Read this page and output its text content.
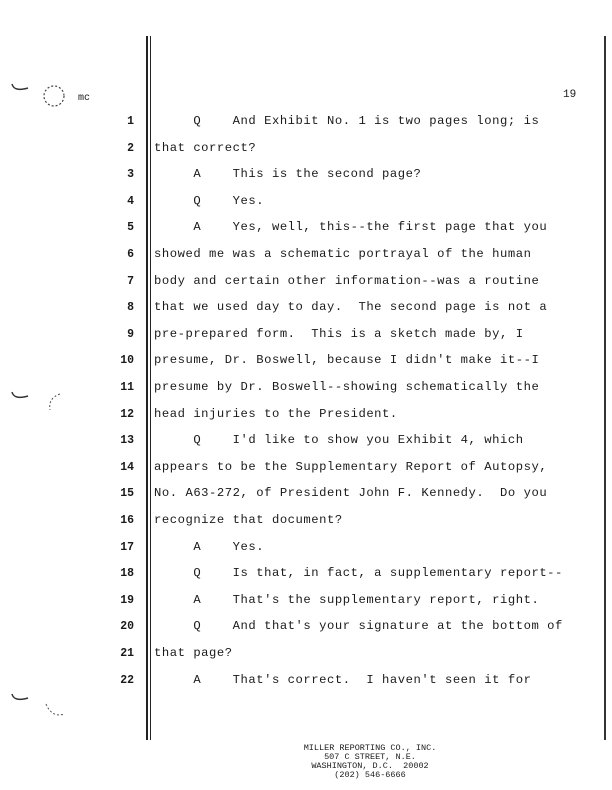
mc	19
1 Q    And Exhibit No. 1 is two pages long; is
2 that correct?
3 A    This is the second page?
4 Q    Yes.
5 A    Yes, well, this--the first page that you
6 showed me was a schematic portrayal of the human
7 body and certain other information--was a routine
8 that we used day to day.  The second page is not a
9 pre-prepared form.  This is a sketch made by, I
10 presume, Dr. Boswell, because I didn't make it--I
11 presume by Dr. Boswell--showing schematically the
12 head injuries to the President.
13 Q    I'd like to show you Exhibit 4, which
14 appears to be the Supplementary Report of Autopsy,
15 No. A63-272, of President John F. Kennedy.  Do you
16 recognize that document?
17 A    Yes.
18 Q    Is that, in fact, a supplementary report--
19 A    That's the supplementary report, right.
20 Q    And that's your signature at the bottom of
21 that page?
22 A    That's correct.  I haven't seen it for
MILLER REPORTING CO., INC.
507 C STREET, N.E.
WASHINGTON, D.C.  20002
(202) 546-6666
